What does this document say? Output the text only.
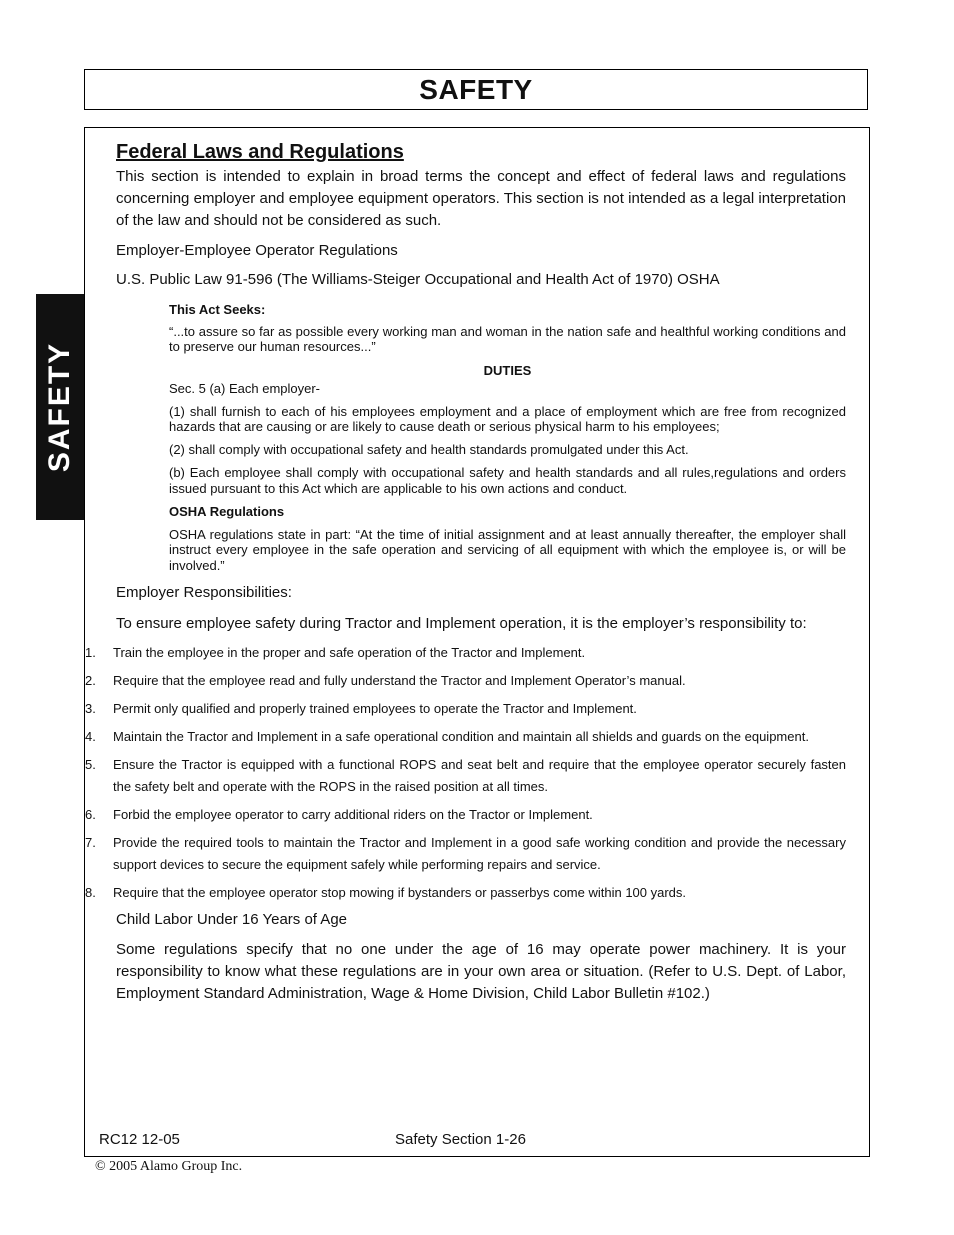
SAFETY
SAFETY
Federal Laws and Regulations

This section is intended to explain in broad terms the concept and effect of federal laws and regulations concerning employer and employee equipment operators. This section is not intended as a legal interpretation of the law and should not be considered as such.

Employer-Employee Operator Regulations

U.S. Public Law 91-596 (The Williams-Steiger Occupational and Health Act of 1970) OSHA

This Act Seeks:

“...to assure so far as possible every working man and woman in the nation safe and healthful working conditions and to preserve our human resources...”

DUTIES

Sec. 5 (a) Each employer-

(1) shall furnish to each of his employees employment and a place of employment which are free from recognized hazards that are causing or are likely to cause death or serious physical harm to his employees;

(2) shall comply with occupational safety and health standards promulgated under this Act.

(b) Each employee shall comply with occupational safety and health standards and all rules,regulations and orders issued pursuant to this Act which are applicable to his own actions and conduct.

OSHA Regulations

OSHA regulations state in part: “At the time of initial assignment and at least annually thereafter, the employer shall instruct every employee in the safe operation and servicing of all equipment with which the employee is, or will be involved.”

Employer Responsibilities:

To ensure employee safety during Tractor and Implement operation, it is the employer’s responsibility to:

1.	Train the employee in the proper and safe operation of the Tractor and Implement.
2.	Require that the employee read and fully understand the Tractor and Implement Operator’s manual.
3.	Permit only qualified and properly trained employees to operate the Tractor and Implement.
4.	Maintain the Tractor and Implement in a safe operational condition and maintain all shields and guards on the equipment.
5.	Ensure the Tractor is equipped with a functional ROPS and seat belt and require that the employee operator securely fasten the safety belt and operate with the ROPS in the raised position at all times.
6.	Forbid the employee operator to carry additional riders on the Tractor or Implement.
7.	Provide the required tools to maintain the Tractor and Implement in a good safe working condition and provide the necessary support devices to secure the equipment safely while performing repairs and service.
8.	Require that the employee operator stop mowing if bystanders or passerbys come within 100 yards.

Child Labor Under 16 Years of Age

Some regulations specify that no one under the age of 16 may operate power machinery. It is your responsibility to know what these regulations are in your own area or situation. (Refer to U.S. Dept. of Labor, Employment Standard Administration, Wage & Home Division, Child Labor Bulletin #102.)

RC12 12-05	Safety Section 1-26
© 2005 Alamo Group Inc.
